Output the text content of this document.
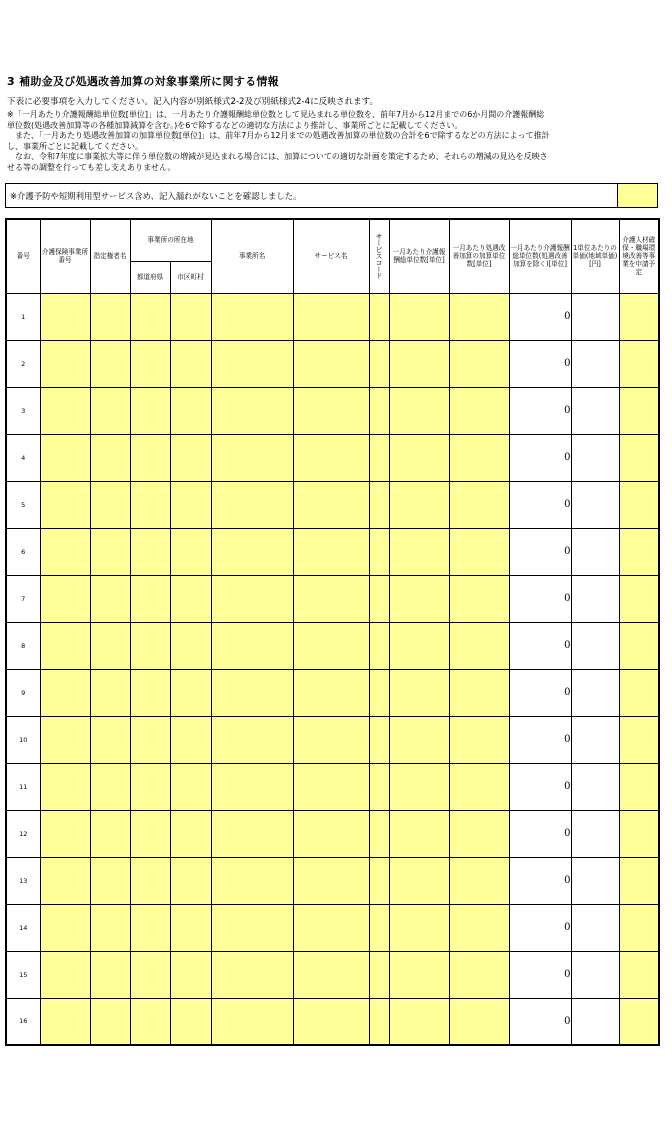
3 補助金及び処遇改善加算の対象事業所に関する情報
下表に必要事項を入力してください。記入内容が別紙様式2-2及び別紙様式2-4に反映されます。
※「一月あたり介護報酬総単位数[単位]」は、一月あたり介護報酬総単位数として見込まれる単位数を、前年7月から12月までの6か月間の介護報酬総
単位数(処遇改善加算等の各種加算減算を含む。)を6で除するなどの適切な方法により推計し、事業所ごとに記載してください。
　また、「一月あたり処遇改善加算の加算単位数[単位]」は、前年7月から12月までの処遇改善加算の単位数の合計を6で除するなどの方法によって推計
し、事業所ごとに記載してください。
　なお、令和7年度に事業拡大等に伴う単位数の増減が見込まれる場合には、加算についての適切な計画を策定するため、それらの増減の見込を反映さ
せる等の調整を行っても差し支えありません。
※介護予防や短期利用型サービス含め、記入漏れがないことを確認しました。
番号	介護保険事業所番号	指定権者名	事業所の所在地		事業所名	サービス名	サービスコード	一月あたり介護報酬総単位数[単位]	一月あたり処遇改善加算の加算単位数[単位]	一月あたり介護報酬総単位数(処遇改善加算を除く)[単位]	1単位あたりの単価(地域単価)[円]	介護人材確保・職場環境改善等事業を申請予定
			都道府県	市区町村								
1										0		
2										0		
3										0		
4										0		
5										0		
6										0		
7										0		
8										0		
9										0		
10										0		
11										0		
12										0		
13										0		
14										0		
15										0		
16										0		
